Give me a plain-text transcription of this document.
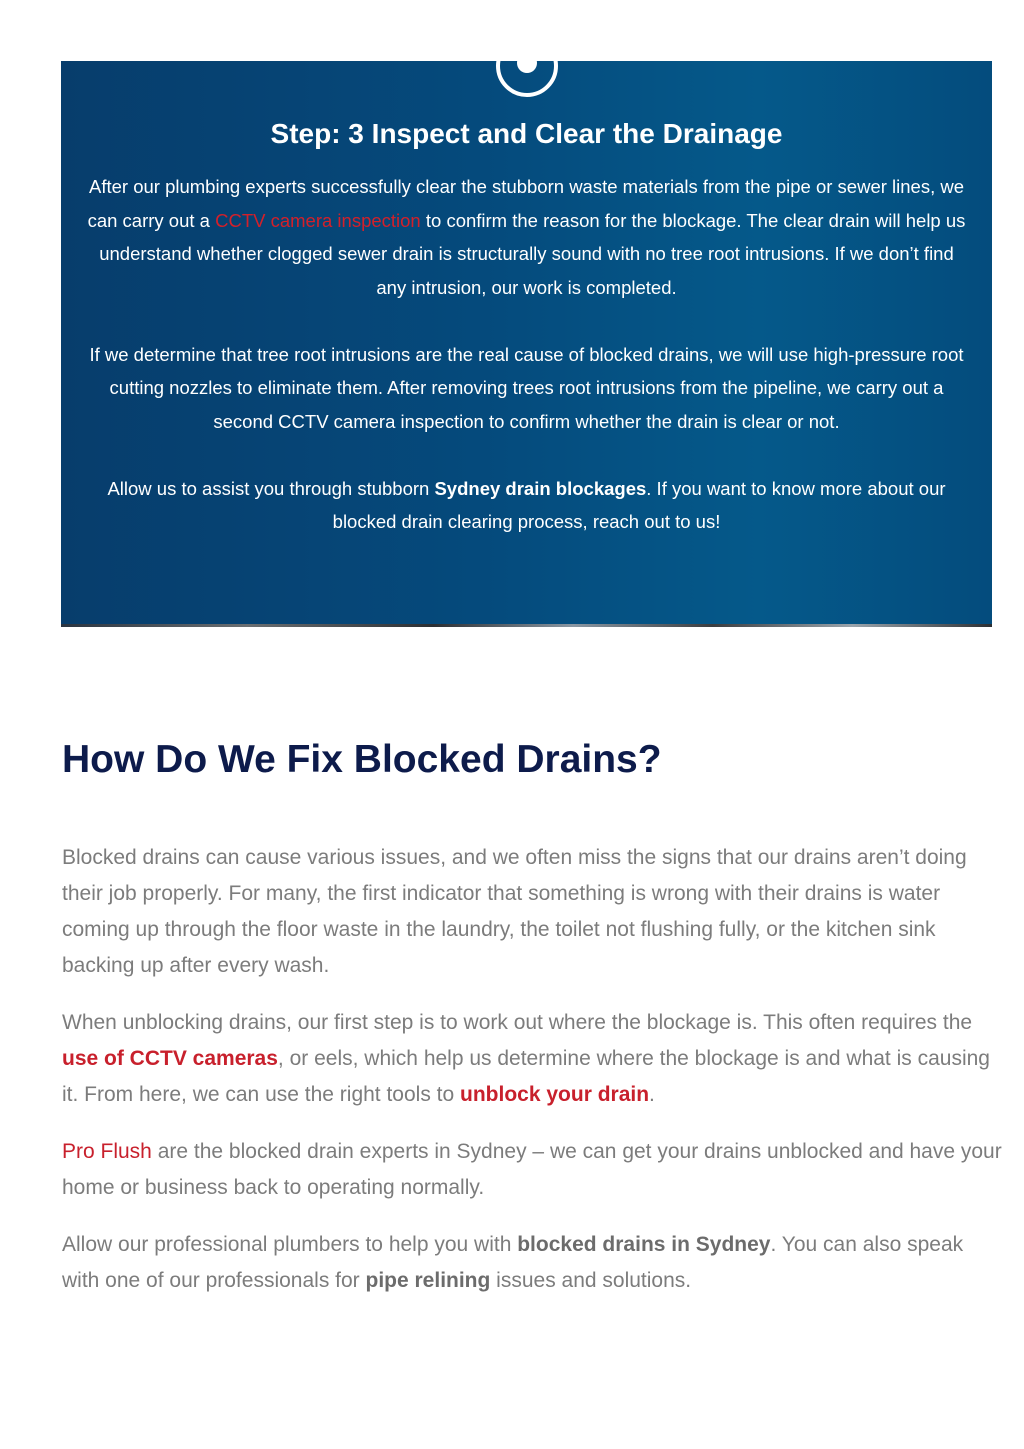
Step: 3 Inspect and Clear the Drainage

After our plumbing experts successfully clear the stubborn waste materials from the pipe or sewer lines, we can carry out a CCTV camera inspection to confirm the reason for the blockage. The clear drain will help us understand whether clogged sewer drain is structurally sound with no tree root intrusions. If we don’t find any intrusion, our work is completed.

If we determine that tree root intrusions are the real cause of blocked drains, we will use high-pressure root cutting nozzles to eliminate them. After removing trees root intrusions from the pipeline, we carry out a second CCTV camera inspection to confirm whether the drain is clear or not.

Allow us to assist you through stubborn Sydney drain blockages. If you want to know more about our blocked drain clearing process, reach out to us!

How Do We Fix Blocked Drains?

Blocked drains can cause various issues, and we often miss the signs that our drains aren’t doing their job properly. For many, the first indicator that something is wrong with their drains is water coming up through the floor waste in the laundry, the toilet not flushing fully, or the kitchen sink backing up after every wash.

When unblocking drains, our first step is to work out where the blockage is. This often requires the use of CCTV cameras, or eels, which help us determine where the blockage is and what is causing it. From here, we can use the right tools to unblock your drain.

Pro Flush are the blocked drain experts in Sydney – we can get your drains unblocked and have your home or business back to operating normally.

Allow our professional plumbers to help you with blocked drains in Sydney. You can also speak with one of our professionals for pipe relining issues and solutions.
